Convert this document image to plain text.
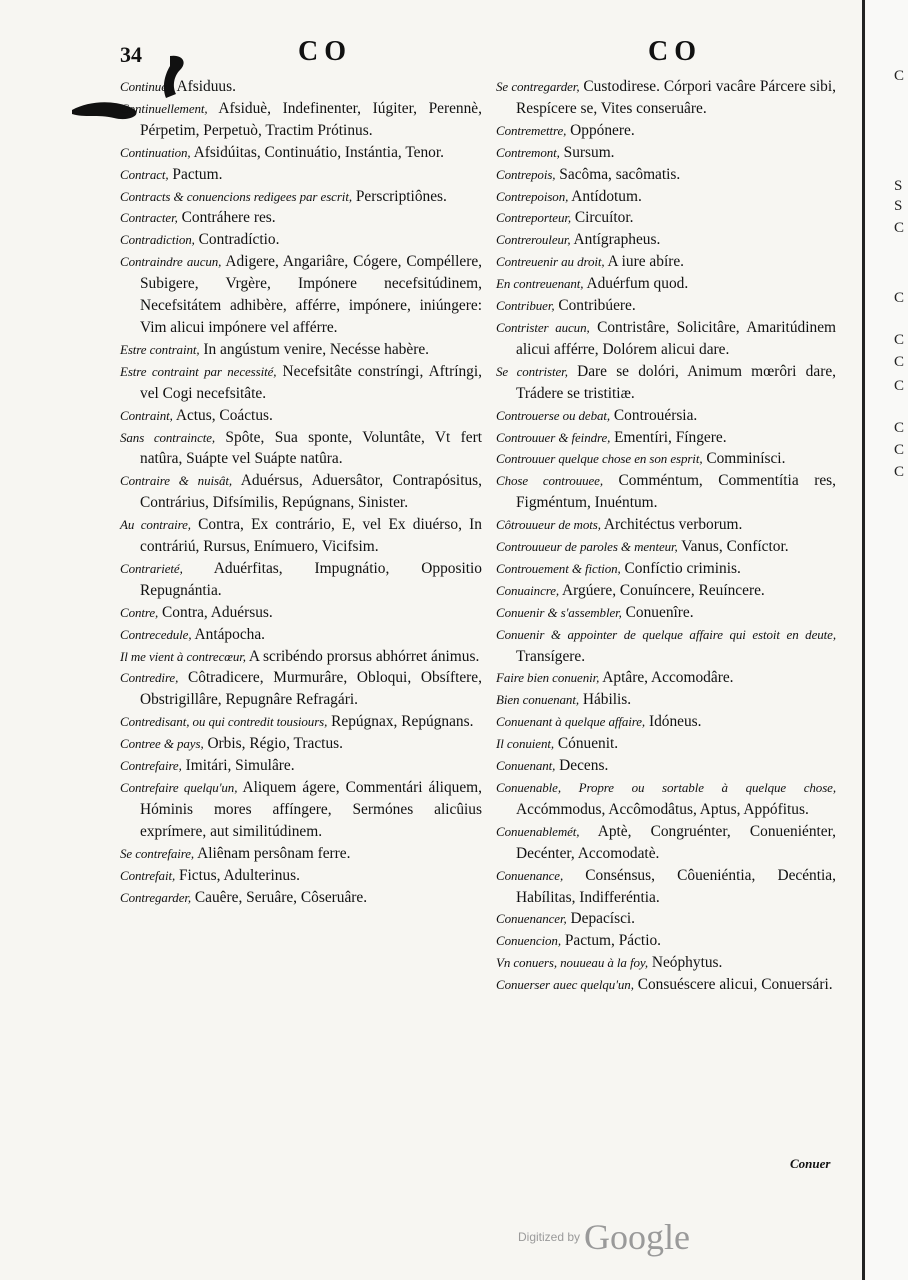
34	CO	CO
Continuel, Afsiduus.
Continuellement, Afsiduè, Indefinenter, Iúgiter, Perennè, Pérpetim, Perpetuò, Tractim Prótinus.
Continuation, Afsidúitas, Continuátio, Instántia, Tenor.
Contract, Pactum.
Contracts & conuencions redigees par escrit, Perscriptiônes.
Contracter, Contráhere res.
Contradiction, Contradíctio.
Contraindre aucun, Adigere, Angariâre, Cógere, Compéllere, Subigere, Vrgère, Impónere necefsitúdinem, Necefsitátem adhibère, afférre, impónere, iniúngere: Vim alicui impónere vel afférre.
Estre contraint, In angústum venire, Necésse habère.
Estre contraint par necessité, Necefsitâte constríngi, Aftríngi, vel Cogi necefsitâte.
Contraint, Actus, Coáctus.
Sans contraincte, Spôte, Sua sponte, Voluntâte, Vt fert natûra, Suápte vel Suápte natûra.
Contraire & nuisât, Aduérsus, Aduersâtor, Contrapósitus, Contrárius, Difsímilis, Repúgnans, Sinister.
Au contraire, Contra, Ex contrário, E, vel Ex diuérso, In contráriú, Rursus, Enímuero, Vicifsim.
Contrarieté, Aduérfitas, Impugnátio, Oppositio Repugnántia.
Contre, Contra, Aduérsus.
Contrecedule, Antápocha.
Il me vient à contrecœur, A scribéndo prorsus abhórret ánimus.
Contredire, Côtradicere, Murmurâre, Obloqui, Obsíftere, Obstrigillâre, Repugnâre Refragári.
Contredisant, ou qui contredit tousiours, Repúgnax, Repúgnans.
Contree & pays, Orbis, Régio, Tractus.
Contrefaire, Imitári, Simulâre.
Contrefaire quelqu'un, Aliquem ágere, Commentári áliquem, Hóminis mores affíngere, Sermónes alicûius exprímere, aut similitúdinem.
Se contrefaire, Aliênam persônam ferre.
Contrefait, Fictus, Adulterinus.
Contregarder, Cauêre, Seruâre, Côseruâre.
Se contregarder, Custodirese. Córpori vacâre Párcere sibi, Respícere se, Vites conseruâre.
Contremettre, Oppónere.
Contremont, Sursum.
Contrepois, Sacôma, sacômatis.
Contrepoison, Antídotum.
Contreporteur, Circuítor.
Contrerouleur, Antígrapheus.
Contreuenir au droit, A iure abíre.
En contreuenant, Aduérfum quod.
Contribuer, Contribúere.
Contrister aucun, Contristâre, Solicitâre, Amaritúdinem alicui afférre, Dolórem alicui dare.
Se contrister, Dare se dolóri, Animum mœrôri dare, Trádere se tristitiæ.
Controuerse ou debat, Controuérsia.
Controuuer & feindre, Ementíri, Fíngere.
Controuuer quelque chose en son esprit, Comminísci.
Chose controuuee, Comméntum, Commentítia res, Figméntum, Inuéntum.
Côtrouueur de mots, Architéctus verborum.
Controuueur de paroles & menteur, Vanus, Confíctor.
Controuement & fiction, Confíctio criminis.
Conuaincre, Argúere, Conuíncere, Reuíncere.
Conuenir & s'assembler, Conuenîre.
Conuenir & appointer de quelque affaire qui estoit en deute, Transígere.
Faire bien conuenir, Aptâre, Accomodâre.
Bien conuenant, Hábilis.
Conuenant à quelque affaire, Idóneus.
Il conuient, Cónuenit.
Conuenant, Decens.
Conuenable, Propre ou sortable à quelque chose, Accómmodus, Accômodâtus, Aptus, Appófitus.
Conuenablemét, Aptè, Congruénter, Conueniénter, Decénter, Accomodatè.
Conuenance, Consénsus, Côueniéntia, Decéntia, Habílitas, Indifferéntia.
Conuenancer, Depacísci.
Conuencion, Pactum, Páctio.
Vn conuers, nouueau à la foy, Neóphytus.
Conuerser auec quelqu'un, Consuéscere alicui, Conuersári.
Conuer
C
S
S
C
C
C
C
C
C
C
C
Digitized by Google
